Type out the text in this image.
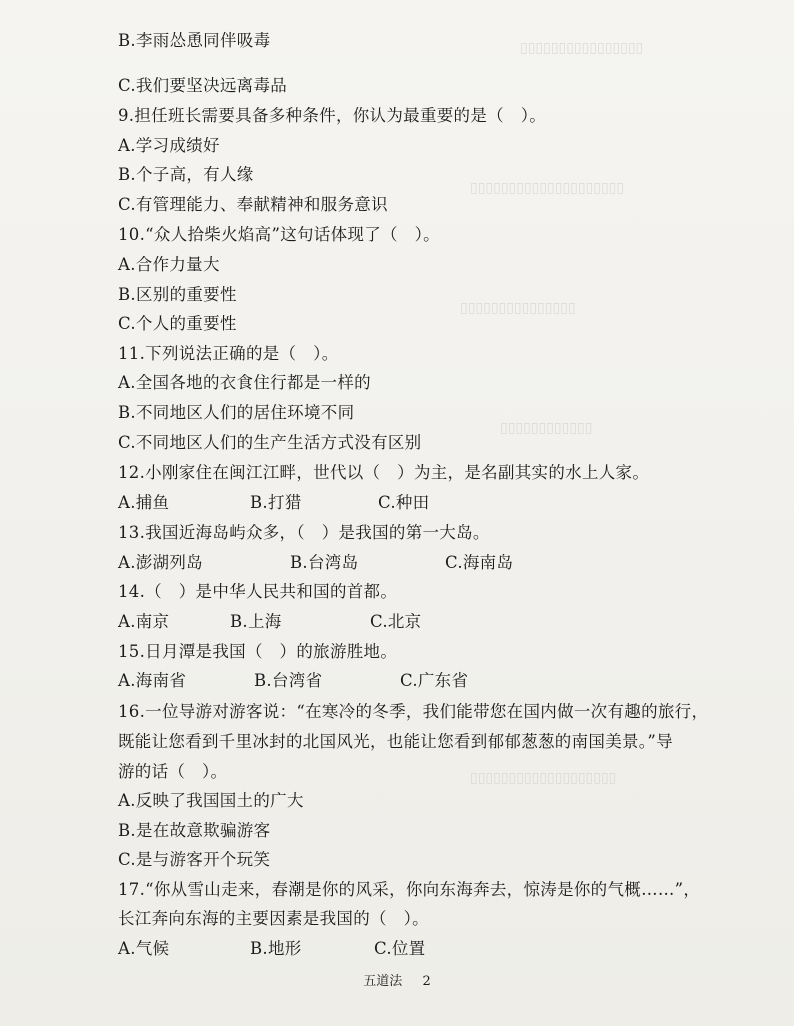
▯▯▯▯▯▯▯▯▯▯▯▯▯▯▯▯
▯▯▯▯▯▯▯▯▯▯▯▯▯▯▯▯▯▯▯▯
▯▯▯▯▯▯▯▯▯▯▯▯▯▯▯
▯▯▯▯▯▯▯▯▯▯▯▯
▯▯▯▯▯▯▯▯▯▯▯▯▯▯▯▯▯▯▯
B.李雨怂恿同伴吸毒
C.我们要坚决远离毒品
9.担任班长需要具备多种条件，你认为最重要的是（　）。
A.学习成绩好
B.个子高，有人缘
C.有管理能力、奉献精神和服务意识
10.“众人拾柴火焰高”这句话体现了（　）。
A.合作力量大
B.区别的重要性
C.个人的重要性
11.下列说法正确的是（　）。
A.全国各地的衣食住行都是一样的
B.不同地区人们的居住环境不同
C.不同地区人们的生产生活方式没有区别
12.小刚家住在闽江江畔，世代以（　）为主，是名副其实的水上人家。
A.捕鱼	B.打猎	C.种田
13.我国近海岛屿众多，（　）是我国的第一大岛。
A.澎湖列岛	B.台湾岛	C.海南岛
14.（　）是中华人民共和国的首都。
A.南京	B.上海	C.北京
15.日月潭是我国（　）的旅游胜地。
A.海南省	B.台湾省	C.广东省
16.一位导游对游客说：“在寒冷的冬季，我们能带您在国内做一次有趣的旅行，
既能让您看到千里冰封的北国风光，也能让您看到郁郁葱葱的南国美景。”导
游的话（　）。
A.反映了我国国土的广大
B.是在故意欺骗游客
C.是与游客开个玩笑
17.“你从雪山走来，春潮是你的风采，你向东海奔去，惊涛是你的气概……”，
长江奔向东海的主要因素是我国的（　）。
A.气候	B.地形	C.位置
五道法 2
